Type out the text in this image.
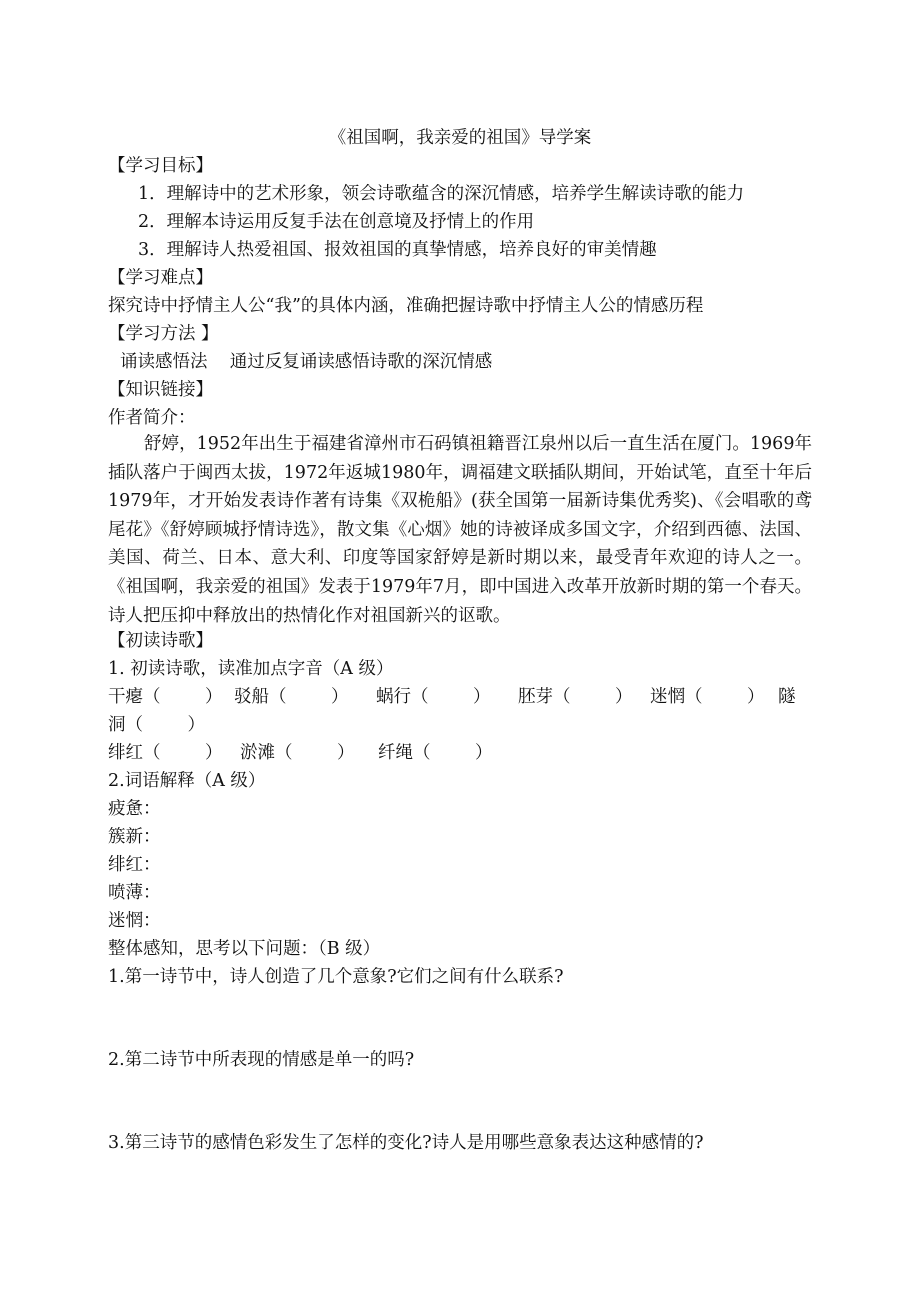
《祖国啊，我亲爱的祖国》导学案
【学习目标】
1．理解诗中的艺术形象，领会诗歌蕴含的深沉情感，培养学生解读诗歌的能力
2．理解本诗运用反复手法在创意境及抒情上的作用
3．理解诗人热爱祖国、报效祖国的真挚情感，培养良好的审美情趣
【学习难点】
探究诗中抒情主人公“我”的具体内涵，准确把握诗歌中抒情主人公的情感历程
【学习方法 】
诵读感悟法    通过反复诵读感悟诗歌的深沉情感
【知识链接】
作者简介：

舒婷，1952年出生于福建省漳州市石码镇祖籍晋江泉州以后一直生活在厦门。1969年插队落户于闽西太拔，1972年返城1980年，调福建文联插队期间，开始试笔，直至十年后1979年，才开始发表诗作著有诗集《双桅船》(获全国第一届新诗集优秀奖)、《会唱歌的鸢尾花》《舒婷顾城抒情诗选》，散文集《心烟》她的诗被译成多国文字，介绍到西德、法国、美国、荷兰、日本、意大利、印度等国家舒婷是新时期以来，最受青年欢迎的诗人之一。《祖国啊，我亲爱的祖国》发表于1979年7月，即中国进入改革开放新时期的第一个春天。诗人把压抑中释放出的热情化作对祖国新兴的讴歌。

【初读诗歌】
1. 初读诗歌，读准加点字音（A 级）
干瘪（        ） 驳船（        ） 蜗行（        ） 胚芽（        ） 迷惘（        ） 隧
洞（        ）
绯红（        ） 淤滩（        ） 纤绳（        ）
2.词语解释（A 级）
疲惫：
簇新：
绯红：
喷薄：
迷惘：
整体感知，思考以下问题：（B 级）
1.第一诗节中，诗人创造了几个意象?它们之间有什么联系?
2.第二诗节中所表现的情感是单一的吗?
3.第三诗节的感情色彩发生了怎样的变化?诗人是用哪些意象表达这种感情的?
